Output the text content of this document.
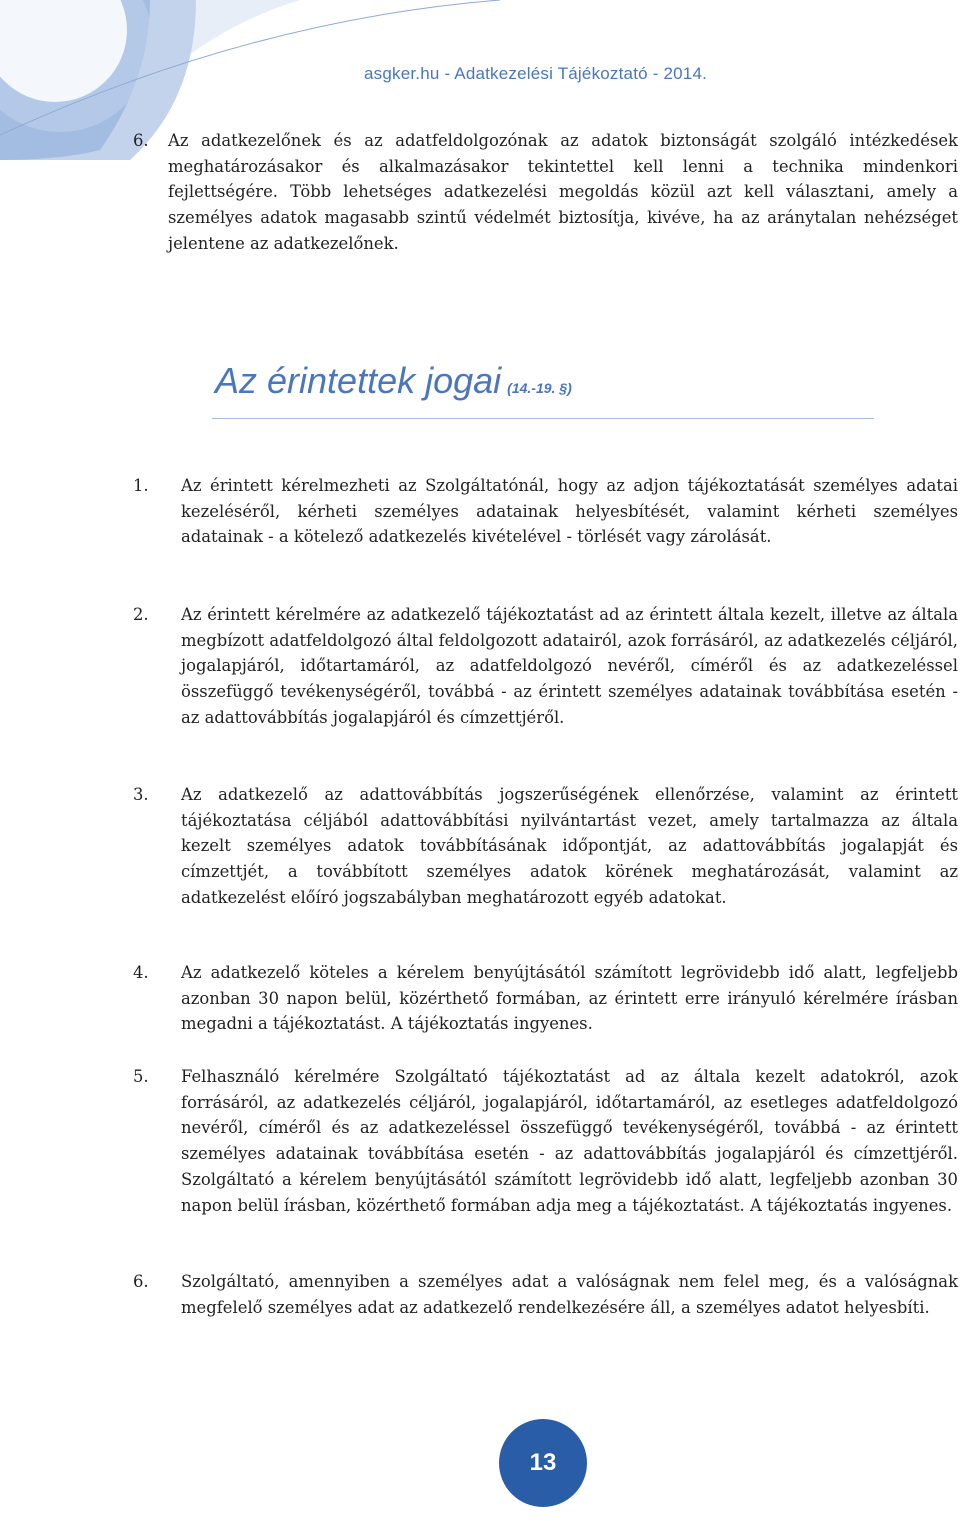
asgker.hu - Adatkezelési Tájékoztató - 2014.
6. Az adatkezelőnek és az adatfeldolgozónak az adatok biztonságát szolgáló intézkedések meghatározásakor és alkalmazásakor tekintettel kell lenni a technika mindenkori fejlettségére. Több lehetséges adatkezelési megoldás közül azt kell választani, amely a személyes adatok magasabb szintű védelmét biztosítja, kivéve, ha az aránytalan nehézséget jelentene az adatkezelőnek.
Az érintettek jogai (14.-19. §)
1. Az érintett kérelmezheti az Szolgáltatónál, hogy az adjon tájékoztatását személyes adatai kezeléséről, kérheti személyes adatainak helyesbítését, valamint kérheti személyes adatainak - a kötelező adatkezelés kivételével - törlését vagy zárolását.
2. Az érintett kérelmére az adatkezelő tájékoztatást ad az érintett általa kezelt, illetve az általa megbízott adatfeldolgozó által feldolgozott adatairól, azok forrásáról, az adatkezelés céljáról, jogalapjáról, időtartamáról, az adatfeldolgozó nevéről, címéről és az adatkezeléssel összefüggő tevékenységéről, továbbá - az érintett személyes adatainak továbbítása esetén - az adattovábbítás jogalapjáról és címzettjéről.
3. Az adatkezelő az adattovábbítás jogszerűségének ellenőrzése, valamint az érintett tájékoztatása céljából adattovábbítási nyilvántartást vezet, amely tartalmazza az általa kezelt személyes adatok továbbításának időpontját, az adattovábbítás jogalapját és címzettjét, a továbbított személyes adatok körének meghatározását, valamint az adatkezelést előíró jogszabályban meghatározott egyéb adatokat.
4. Az adatkezelő köteles a kérelem benyújtásától számított legrövidebb idő alatt, legfeljebb azonban 30 napon belül, közérthető formában, az érintett erre irányuló kérelmére írásban megadni a tájékoztatást. A tájékoztatás ingyenes.
5. Felhasználó kérelmére Szolgáltató tájékoztatást ad az általa kezelt adatokról, azok forrásáról, az adatkezelés céljáról, jogalapjáról, időtartamáról, az esetleges adatfeldolgozó nevéről, címéről és az adatkezeléssel összefüggő tevékenységéről, továbbá - az érintett személyes adatainak továbbítása esetén - az adattovábbítás jogalapjáról és címzettjéről. Szolgáltató a kérelem benyújtásától számított legrövidebb idő alatt, legfeljebb azonban 30 napon belül írásban, közérthető formában adja meg a tájékoztatást. A tájékoztatás ingyenes.
6. Szolgáltató, amennyiben a személyes adat a valóságnak nem felel meg, és a valóságnak megfelelő személyes adat az adatkezelő rendelkezésére áll, a személyes adatot helyesbíti.
13
